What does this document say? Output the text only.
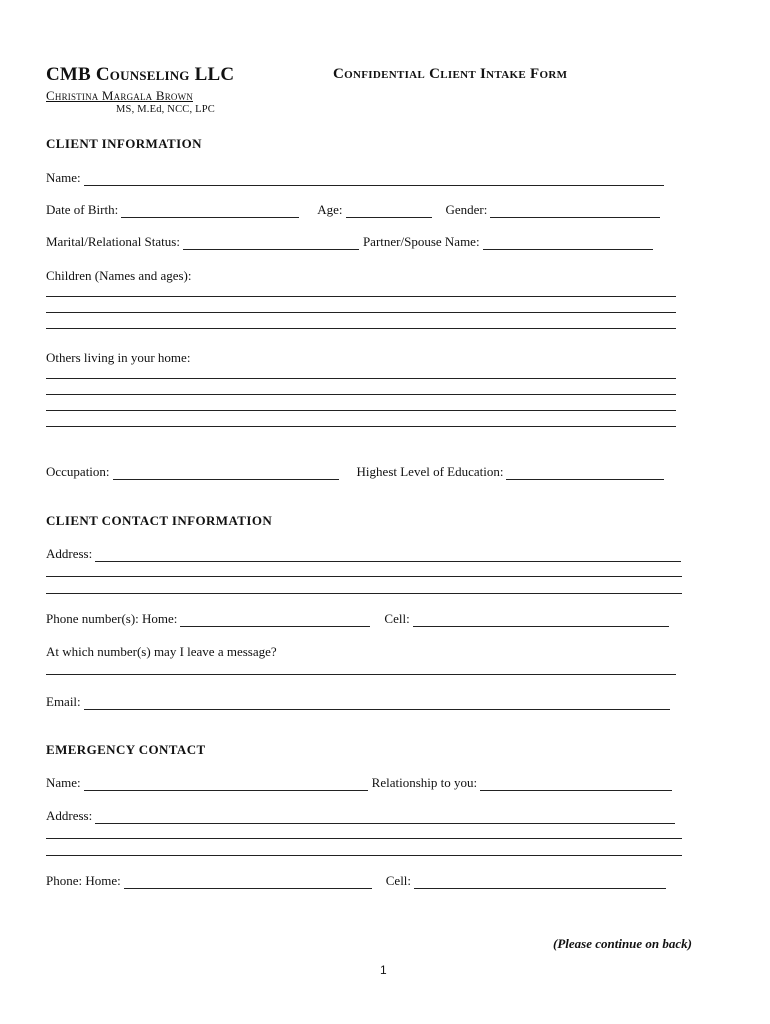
CMB Counseling LLC	Confidential Client Intake Form
Christina Margala Brown
MS, M.Ed, NCC, LPC
CLIENT INFORMATION
Name:
Date of Birth:	Age:	Gender:
Marital/Relational Status:	Partner/Spouse Name:
Children (Names and ages):
Others living in your home:
Occupation:	Highest Level of Education:
CLIENT CONTACT INFORMATION
Address:
Phone number(s): Home:	Cell:
At which number(s) may I leave a message?
Email:
EMERGENCY CONTACT
Name:	Relationship to you:
Address:
Phone: Home:	Cell:
(Please continue on back)
1
